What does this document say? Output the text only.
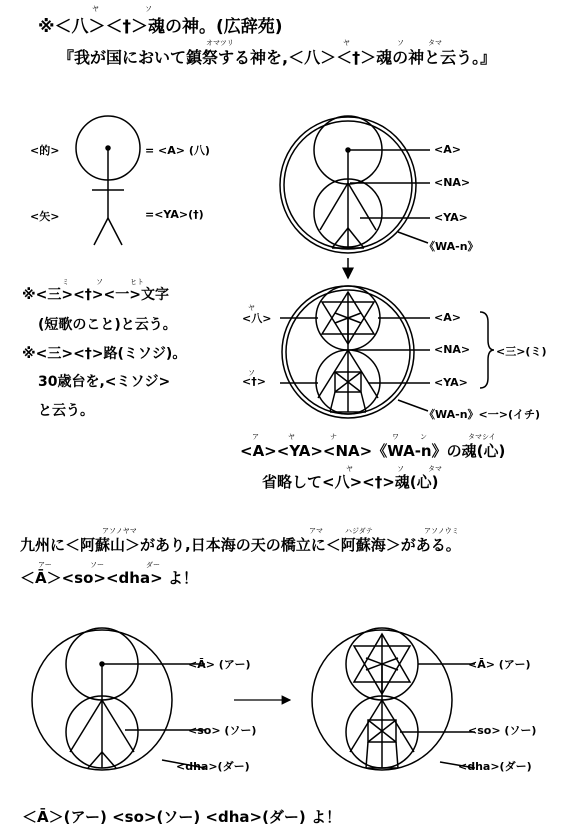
ヤ	ソ
※＜八＞＜†＞魂の神。(広辞苑)
オマツリ	ヤ	ソ	タマ
『我が国において鎮祭する神を,＜八＞＜†＞魂の神と云う。』
<的>	= <A> (八)
<矢>	=<YA>(†)
<A>
<NA>
<YA>
《WA-n》
ヤ
<八>
ソ
<†>
<A>
<NA>
<YA>
<三>(ミ)
《WA-n》<一>(イチ)
ミ	ソ	ヒト
※<三><†><一>文字
(短歌のこと)と云う。
※<三><†>路(ミソジ)。
30歳台を,<ミソジ>
と云う。
ア	ヤ	ナ	ワ	ン	タマシイ
<A><YA><NA>《WA-n》の魂(心)
ヤ	ソ	タマ
省略して<八><†>魂(心)
アソノヤマ	アマ	ハジダテ	アソノウミ
九州に＜阿蘇山＞があり,日本海の天の橋立に＜阿蘇海＞がある。
アー	ソー	ダー
＜Ā＞<so><dha> よ！
<Ā> (アー)
<so> (ソー)
<dha>(ダー)
<Ā> (アー)
<so> (ソー)
<dha>(ダー)
＜Ā＞(アー) <so>(ソー) <dha>(ダー) よ！
